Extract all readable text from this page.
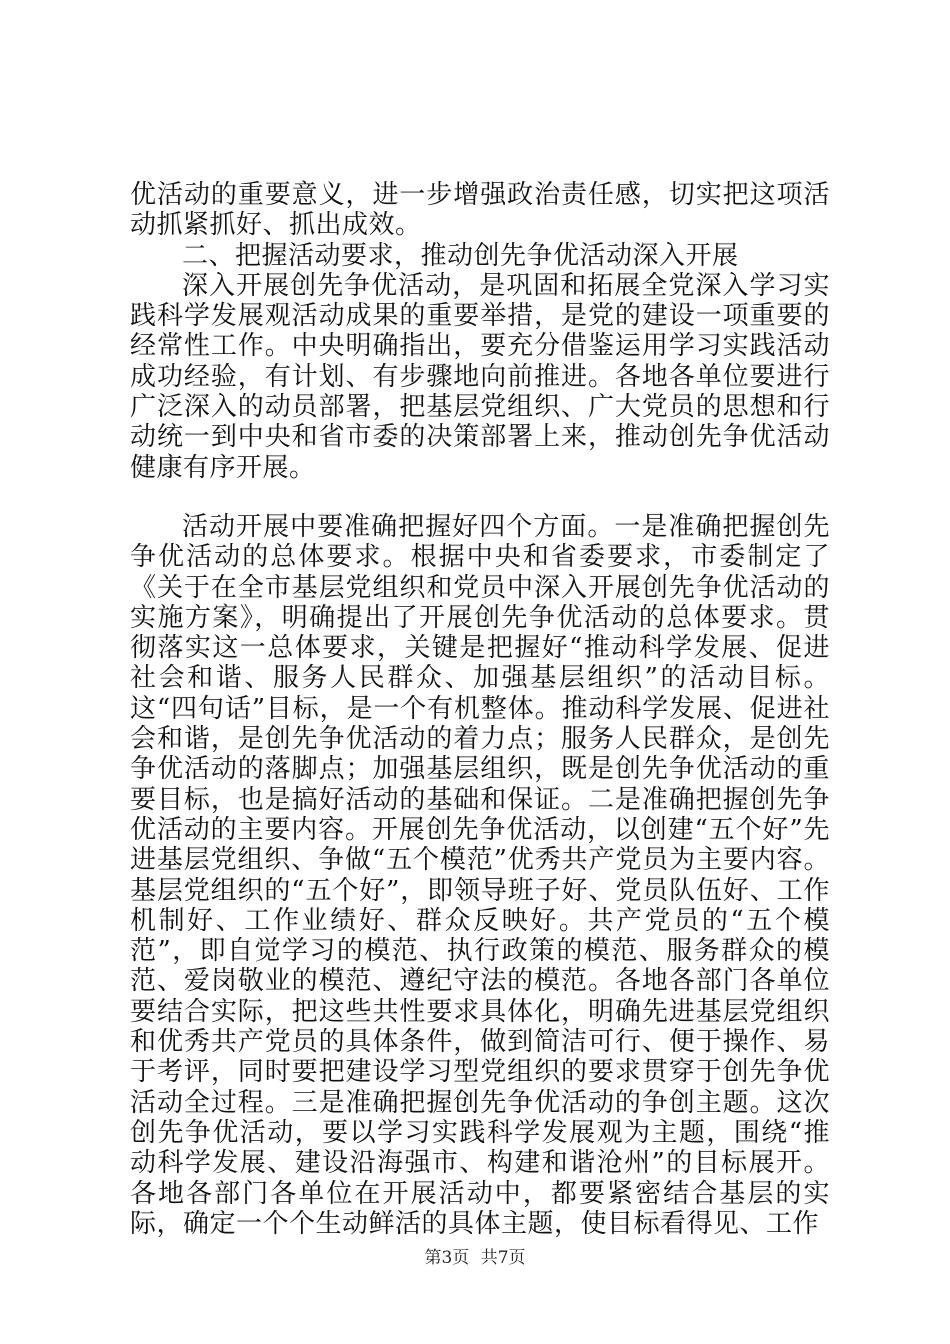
优活动的重要意义，进一步增强政治责任感，切实把这项活动抓紧抓好、抓出成效。
二、把握活动要求，推动创先争优活动深入开展
深入开展创先争优活动，是巩固和拓展全党深入学习实践科学发展观活动成果的重要举措，是党的建设一项重要的经常性工作。中央明确指出，要充分借鉴运用学习实践活动成功经验，有计划、有步骤地向前推进。各地各单位要进行广泛深入的动员部署，把基层党组织、广大党员的思想和行动统一到中央和省市委的决策部署上来，推动创先争优活动健康有序开展。
活动开展中要准确把握好四个方面。一是准确把握创先争优活动的总体要求。根据中央和省委要求，市委制定了《关于在全市基层党组织和党员中深入开展创先争优活动的实施方案》，明确提出了开展创先争优活动的总体要求。贯彻落实这一总体要求，关键是把握好“推动科学发展、促进社会和谐、服务人民群众、加强基层组织”的活动目标。这“四句话”目标，是一个有机整体。推动科学发展、促进社会和谐，是创先争优活动的着力点；服务人民群众，是创先争优活动的落脚点；加强基层组织，既是创先争优活动的重要目标，也是搞好活动的基础和保证。二是准确把握创先争优活动的主要内容。开展创先争优活动，以创建“五个好”先进基层党组织、争做“五个模范”优秀共产党员为主要内容。基层党组织的“五个好”，即领导班子好、党员队伍好、工作机制好、工作业绩好、群众反映好。共产党员的“五个模范”，即自觉学习的模范、执行政策的模范、服务群众的模范、爱岗敬业的模范、遵纪守法的模范。各地各部门各单位要结合实际，把这些共性要求具体化，明确先进基层党组织和优秀共产党员的具体条件，做到简洁可行、便于操作、易于考评，同时要把建设学习型党组织的要求贯穿于创先争优活动全过程。三是准确把握创先争优活动的争创主题。这次创先争优活动，要以学习实践科学发展观为主题，围绕“推动科学发展、建设沿海强市、构建和谐沧州”的目标展开。各地各部门各单位在开展活动中，都要紧密结合基层的实际，确定一个个生动鲜活的具体主题，使目标看得见、工作
第3页 共7页
